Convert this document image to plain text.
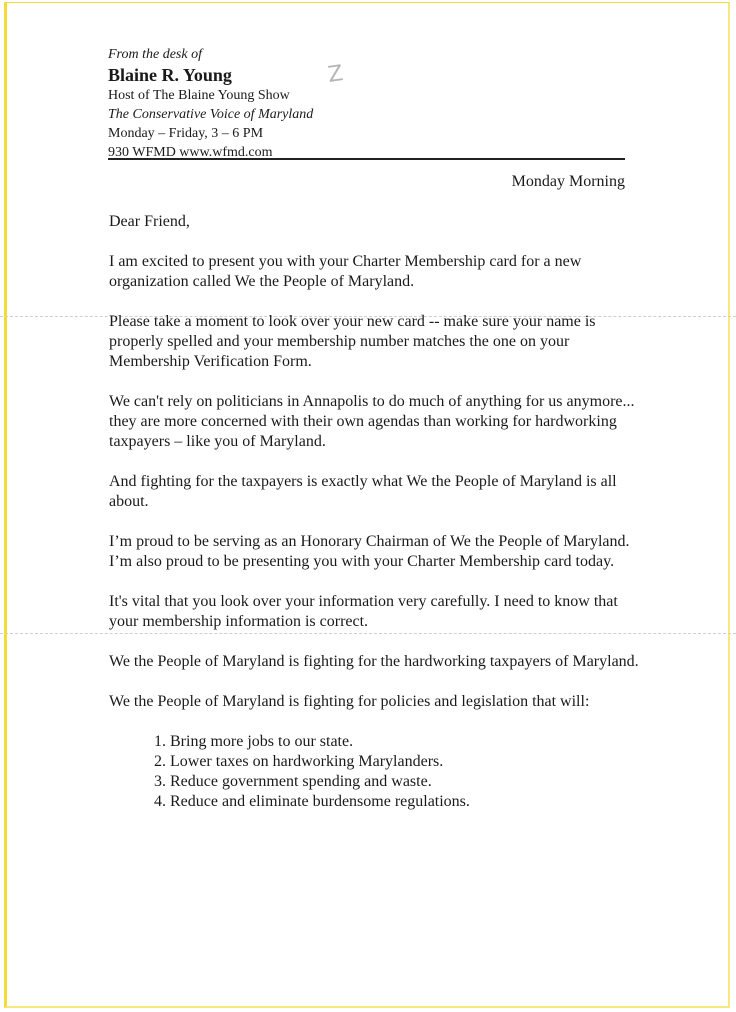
From the desk of
Blaine R. Young
Host of The Blaine Young Show
The Conservative Voice of Maryland
Monday – Friday, 3 – 6 PM
930 WFMD www.wfmd.com
Z
Monday Morning

Dear Friend,

I am excited to present you with your Charter Membership card for a new organization called We the People of Maryland.

Please take a moment to look over your new card -- make sure your name is properly spelled and your membership number matches the one on your Membership Verification Form.

We can't rely on politicians in Annapolis to do much of anything for us anymore... they are more concerned with their own agendas than working for hardworking taxpayers – like you of Maryland.

And fighting for the taxpayers is exactly what We the People of Maryland is all about.

I’m proud to be serving as an Honorary Chairman of We the People of Maryland. I’m also proud to be presenting you with your Charter Membership card today.

It's vital that you look over your information very carefully. I need to know that your membership information is correct.

We the People of Maryland is fighting for the hardworking taxpayers of Maryland.

We the People of Maryland is fighting for policies and legislation that will:

1. Bring more jobs to our state.
2. Lower taxes on hardworking Marylanders.
3. Reduce government spending and waste.
4. Reduce and eliminate burdensome regulations.
